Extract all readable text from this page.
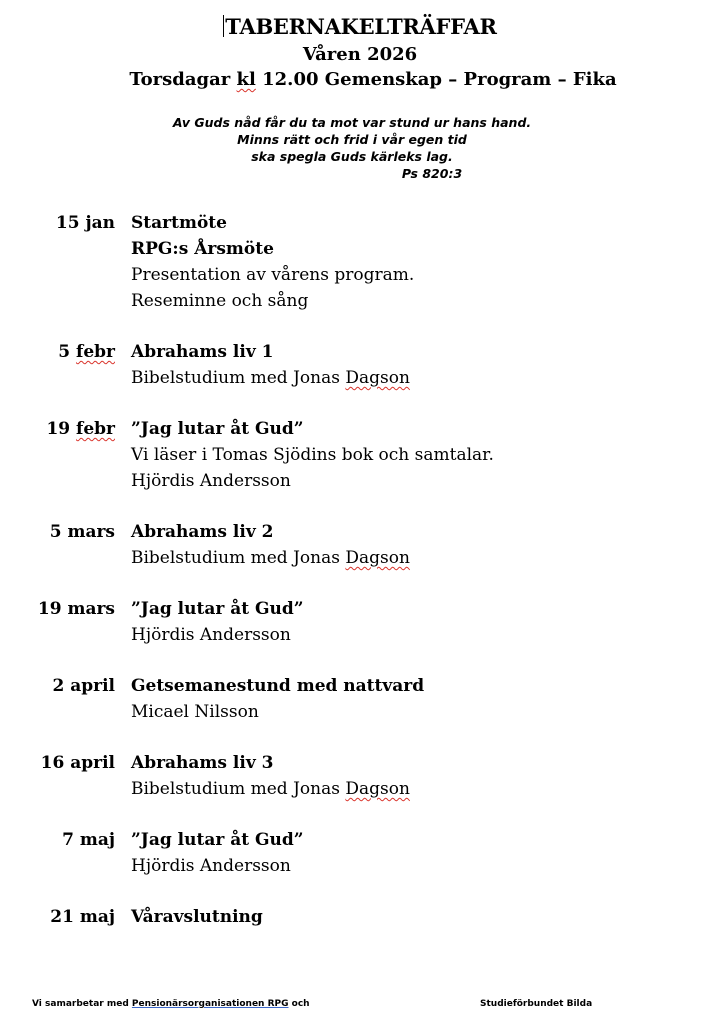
TABERNAKELTRÄFFAR
Våren 2026
Torsdagar kl 12.00 Gemenskap – Program – Fika
Av Guds nåd får du ta mot var stund ur hans hand.
Minns rätt och frid i vår egen tid
ska spegla Guds kärleks lag.
Ps 820:3
15 jan Startmöte
RPG:s Årsmöte
Presentation av vårens program.
Reseminne och sång
5 febr Abrahams liv 1
Bibelstudium med Jonas Dagson
19 febr ”Jag lutar åt Gud”
Vi läser i Tomas Sjödins bok och samtalar.
Hjördis Andersson
5 mars Abrahams liv 2
Bibelstudium med Jonas Dagson
19 mars ”Jag lutar åt Gud”
Hjördis Andersson
2 april Getsemanestund med nattvard
Micael Nilsson
16 april Abrahams liv 3
Bibelstudium med Jonas Dagson
7 maj ”Jag lutar åt Gud”
Hjördis Andersson
21 maj Våravslutning
Vi samarbetar med Pensionärsorganisationen RPG och	Studieförbundet Bilda
